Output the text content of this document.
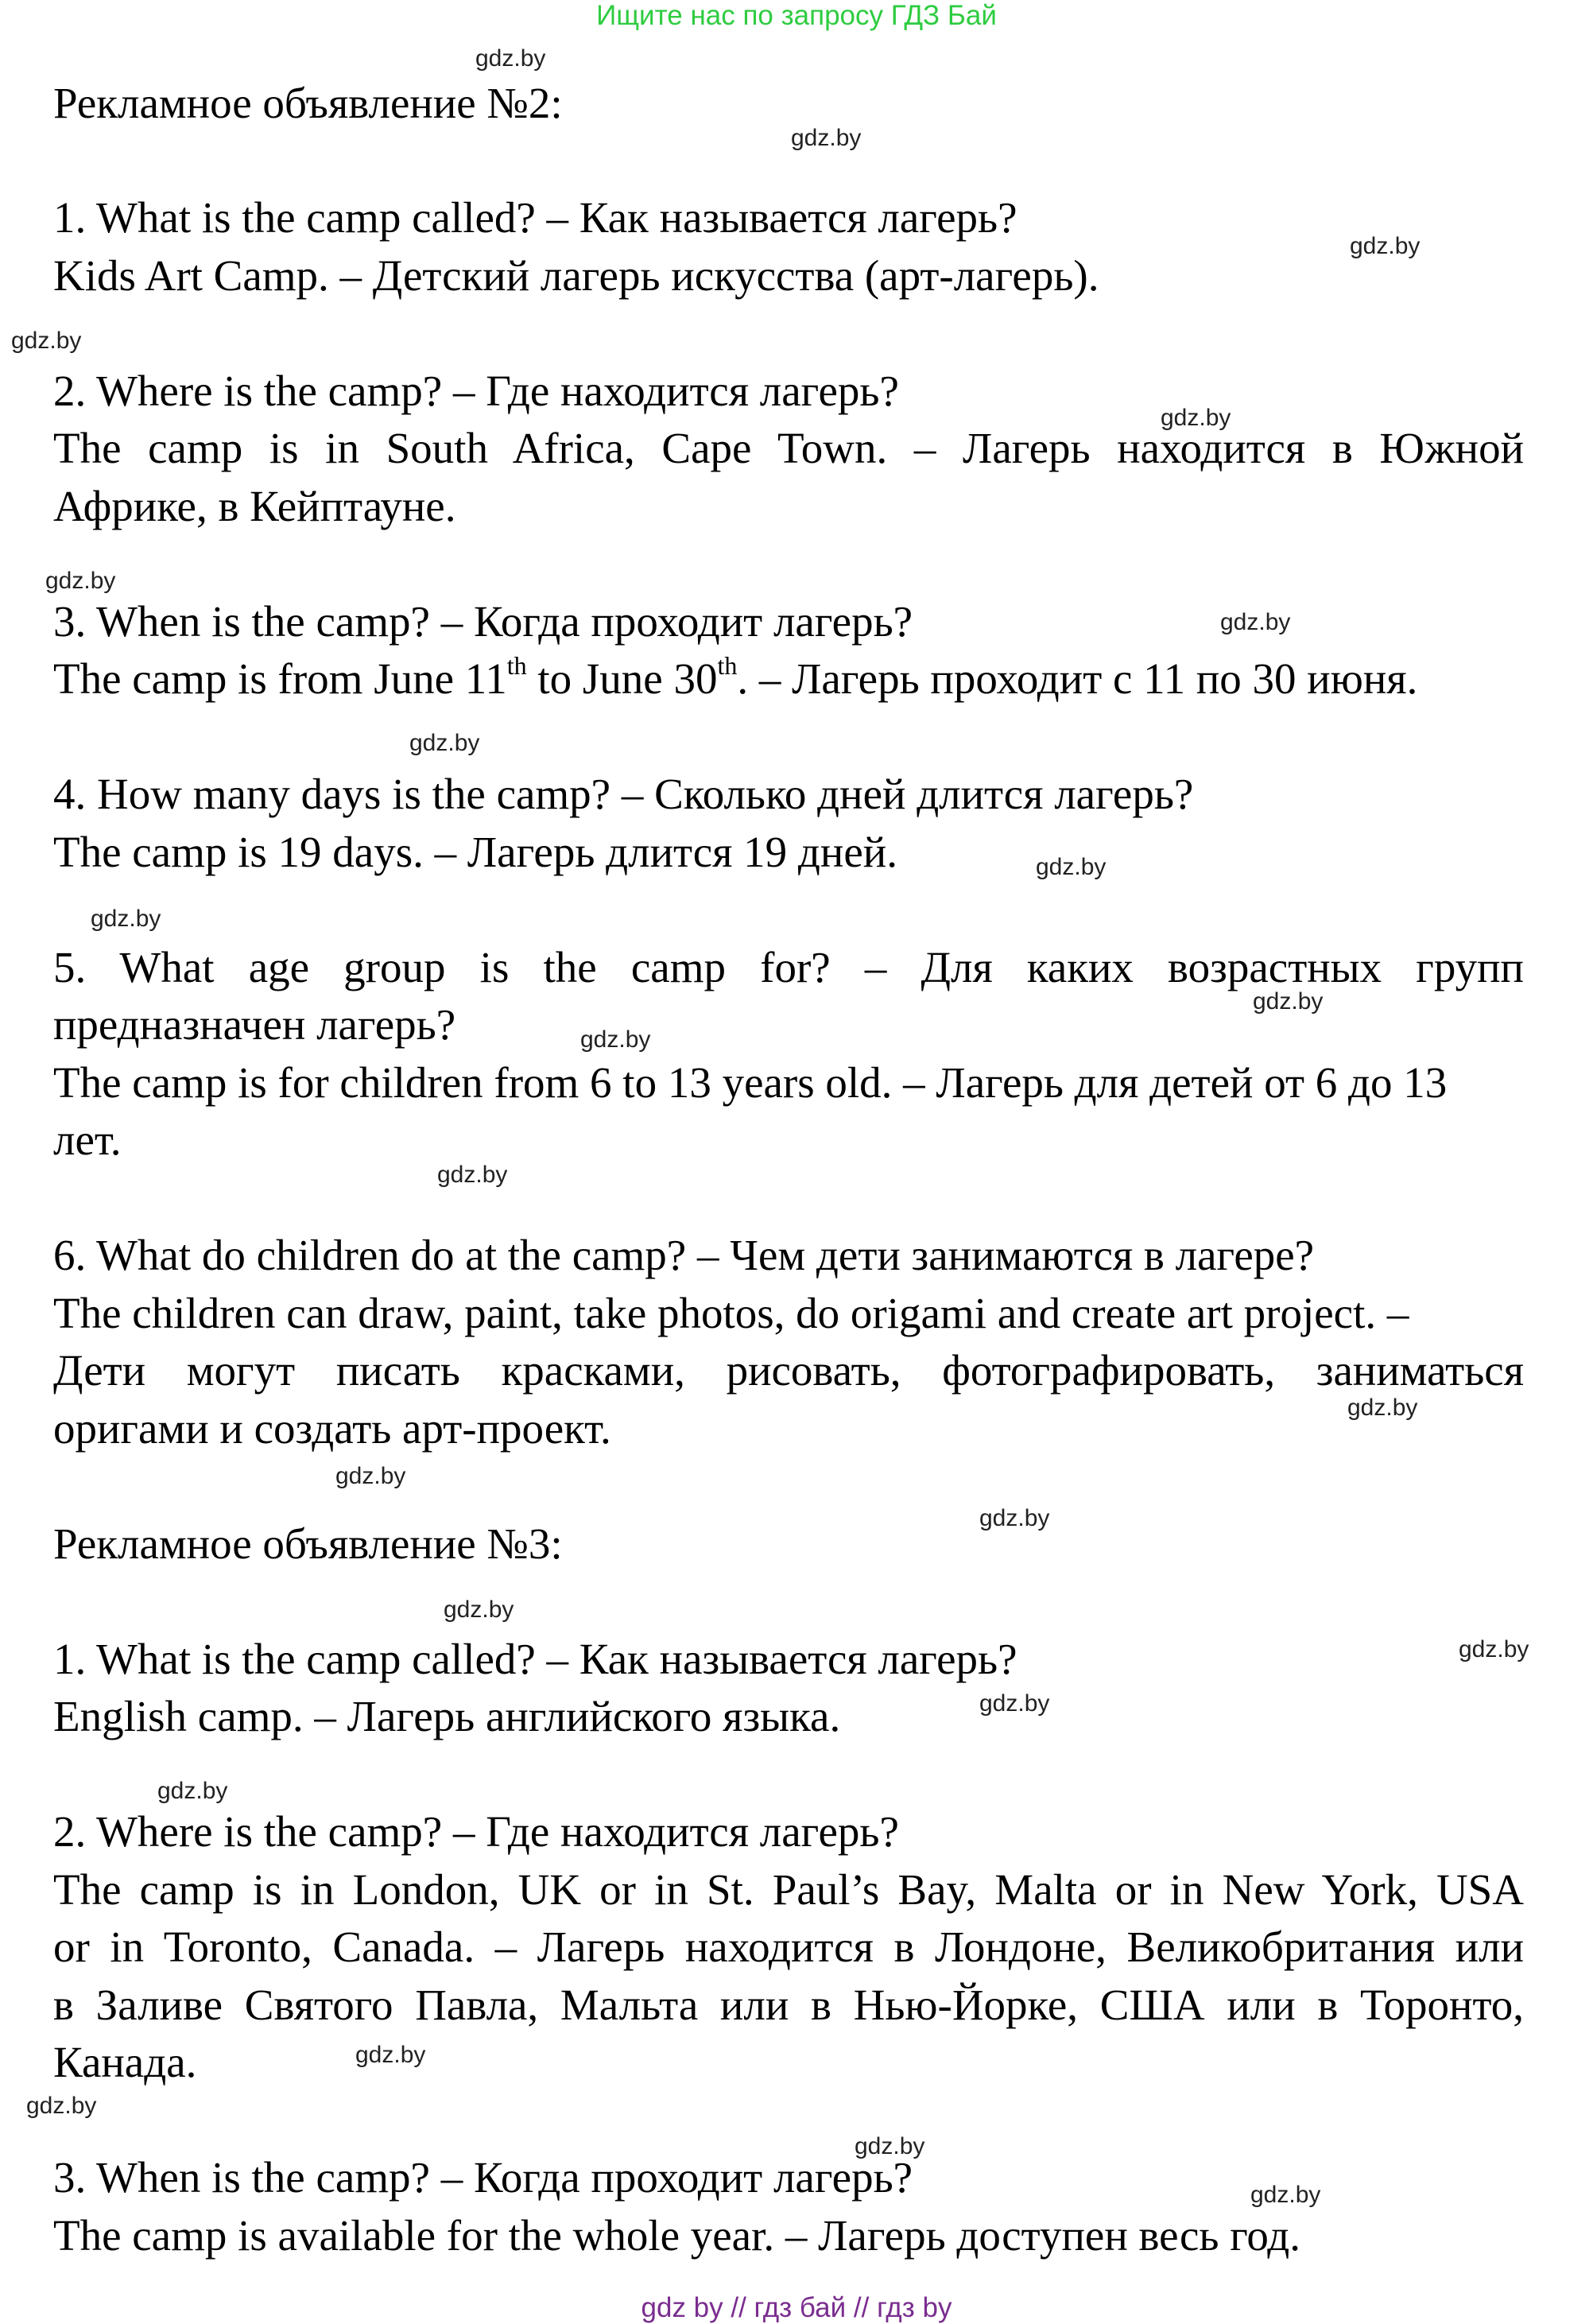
Ищите нас по запросу ГДЗ Бай
Рекламное объявление №2:
1. What is the camp called? – Как называется лагерь?
Kids Art Camp. – Детский лагерь искусства (арт-лагерь).
2. Where is the camp? – Где находится лагерь?
The camp is in South Africa, Cape Town. – Лагерь находится в Южной
Африке, в Кейптауне.
3. When is the camp? – Когда проходит лагерь?
The camp is from June 11th to June 30th. – Лагерь проходит с 11 по 30 июня.
4. How many days is the camp? – Сколько дней длится лагерь?
The camp is 19 days. – Лагерь длится 19 дней.
5. What age group is the camp for? – Для каких возрастных групп
предназначен лагерь?
The camp is for children from 6 to 13 years old. – Лагерь для детей от 6 до 13
лет.
6. What do children do at the camp? – Чем дети занимаются в лагере?
The children can draw, paint, take photos, do origami and create art project. –
Дети могут писать красками, рисовать, фотографировать, заниматься
оригами и создать арт-проект.
Рекламное объявление №3:
1. What is the camp called? – Как называется лагерь?
English camp. – Лагерь английского языка.
2. Where is the camp? – Где находится лагерь?
The camp is in London, UK or in St. Paul’s Bay, Malta or in New York, USA
or in Toronto, Canada. – Лагерь находится в Лондоне, Великобритания или
в Заливе Святого Павла, Мальта или в Нью-Йорке, США или в Торонто,
Канада.
3. When is the camp? – Когда проходит лагерь?
The camp is available for the whole year. – Лагерь доступен весь год.
gdz.by
gdz.by
gdz.by
gdz.by
gdz.by
gdz.by
gdz.by
gdz.by
gdz.by
gdz.by
gdz.by
gdz.by
gdz.by
gdz.by
gdz.by
gdz.by
gdz.by
gdz.by
gdz.by
gdz.by
gdz.by
gdz.by
gdz.by
gdz.by
gdz by // гдз бай // гдз by
